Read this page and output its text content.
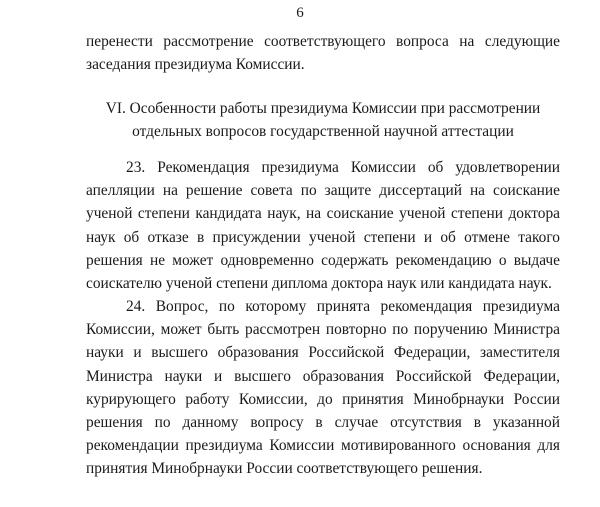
6

перенести рассмотрение соответствующего вопроса на следующие заседания президиума Комиссии.

VI. Особенности работы президиума Комиссии при рассмотрении
отдельных вопросов государственной научной аттестации

23. Рекомендация президиума Комиссии об удовлетворении апелляции на решение совета по защите диссертаций на соискание ученой степени кандидата наук, на соискание ученой степени доктора наук об отказе в присуждении ученой степени и об отмене такого решения не может одновременно содержать рекомендацию о выдаче соискателю ученой степени диплома доктора наук или кандидата наук.

24. Вопрос, по которому принята рекомендация президиума Комиссии, может быть рассмотрен повторно по поручению Министра науки и высшего образования Российской Федерации, заместителя Министра науки и высшего образования Российской Федерации, курирующего работу Комиссии, до принятия Минобрнауки России решения по данному вопросу в случае отсутствия в указанной рекомендации президиума Комиссии мотивированного основания для принятия Минобрнауки России соответствующего решения.
